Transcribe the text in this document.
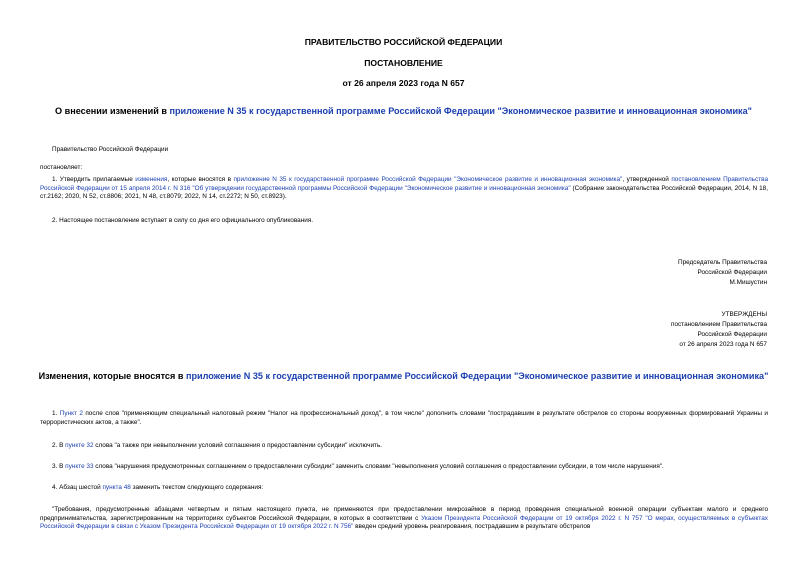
ПРАВИТЕЛЬСТВО РОССИЙСКОЙ ФЕДЕРАЦИИ
ПОСТАНОВЛЕНИЕ
от 26 апреля 2023 года N 657
О внесении изменений в приложение N 35 к государственной программе Российской Федерации "Экономическое развитие и инновационная экономика"
Правительство Российской Федерации
постановляет:
1. Утвердить прилагаемые изменения, которые вносятся в приложение N 35 к государственной программе Российской Федерации "Экономическое развитие и инновационная экономика", утвержденной постановлением Правительства Российской Федерации от 15 апреля 2014 г. N 316 "Об утверждении государственной программы Российской Федерации "Экономическое развитие и инновационная экономика" (Собрание законодательства Российской Федерации, 2014, N 18, ст.2162; 2020, N 52, ст.8806; 2021, N 48, ст.8079; 2022, N 14, ст.2272; N 50, ст.8923).
2. Настоящее постановление вступает в силу со дня его официального опубликования.
Председатель Правительства
Российской Федерации
М.Мишустин
УТВЕРЖДЕНЫ
постановлением Правительства
Российской Федерации
от 26 апреля 2023 года N 657
Изменения, которые вносятся в приложение N 35 к государственной программе Российской Федерации "Экономическое развитие и инновационная экономика"
1. Пункт 2 после слов "применяющим специальный налоговый режим "Налог на профессиональный доход", в том числе" дополнить словами "пострадавшим в результате обстрелов со стороны вооруженных формирований Украины и террористических актов, а также".
2. В пункте 32 слова "а также при невыполнении условий соглашения о предоставлении субсидии" исключить.
3. В пункте 33 слова "нарушения предусмотренных соглашением о предоставлении субсидии" заменить словами "невыполнения условий соглашения о предоставлении субсидии, в том числе нарушения".
4. Абзац шестой пункта 48 заменить текстом следующего содержания:
"Требования, предусмотренные абзацами четвертым и пятым настоящего пункта, не применяются при предоставлении микрозаймов в период проведения специальной военной операции субъектам малого и среднего предпринимательства, зарегистрированным на территориях субъектов Российской Федерации, в которых в соответствии с Указом Президента Российской Федерации от 19 октября 2022 г. N 757 "О мерах, осуществляемых в субъектах Российской Федерации в связи с Указом Президента Российской Федерации от 19 октября 2022 г. N 756" введен средний уровень реагирования, пострадавшим в результате обстрелов
